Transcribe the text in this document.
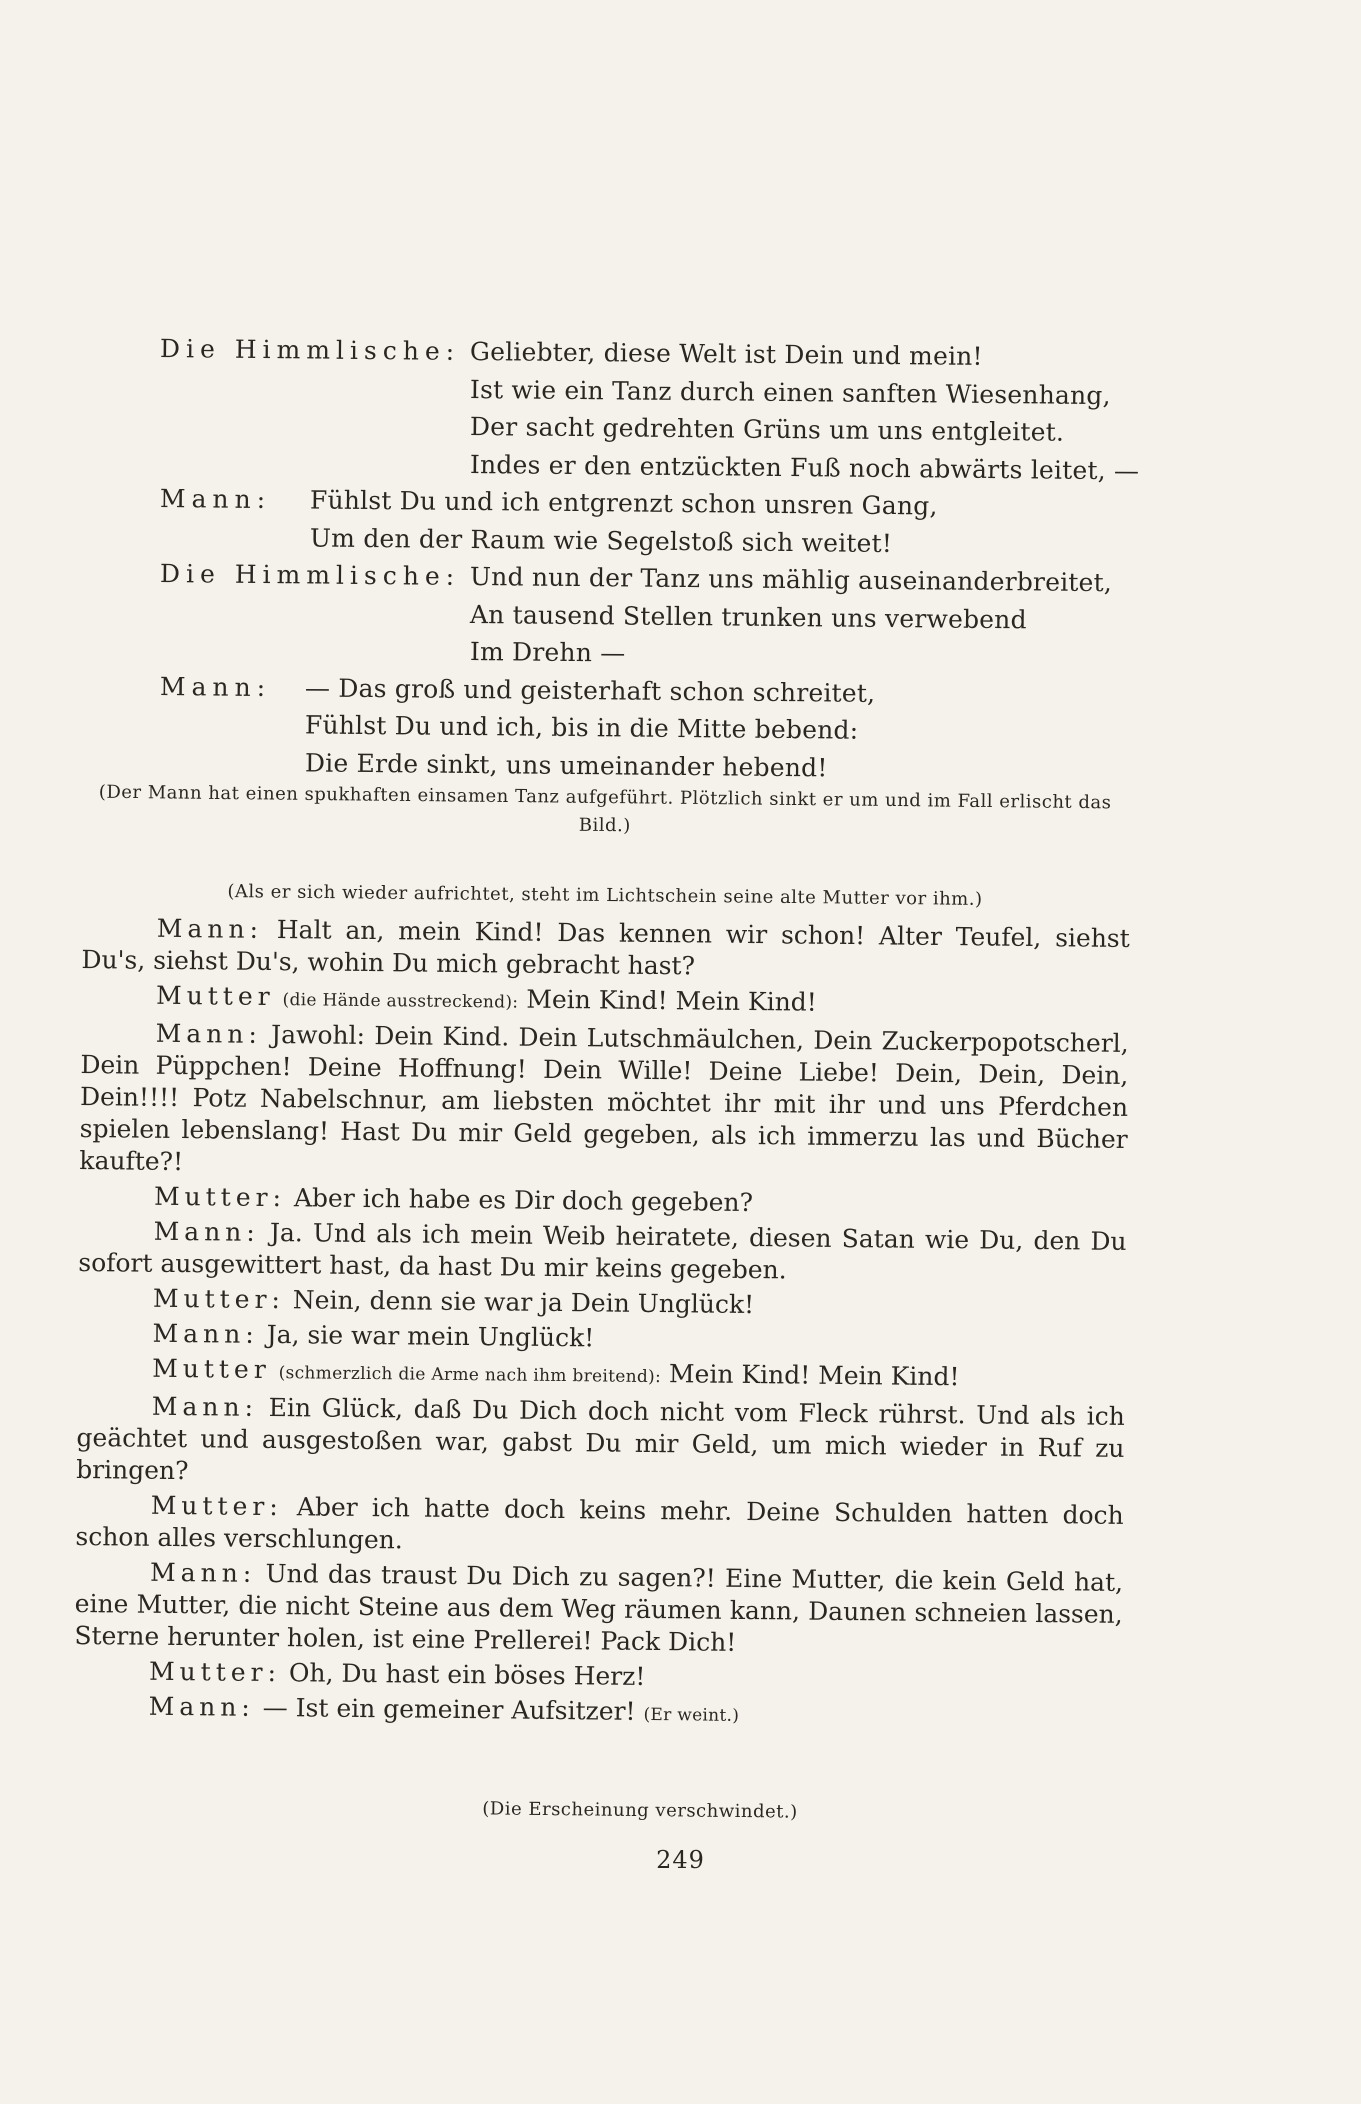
Die Himmlische: Geliebter, diese Welt ist Dein und mein!
Ist wie ein Tanz durch einen sanften Wiesenhang,
Der sacht gedrehten Grüns um uns entgleitet.
Indes er den entzückten Fuß noch abwärts leitet, —
Mann: Fühlst Du und ich entgrenzt schon unsren Gang,
Um den der Raum wie Segelstoß sich weitet!
Die Himmlische: Und nun der Tanz uns mählig auseinanderbreitet,
An tausend Stellen trunken uns verwebend
Im Drehn —
Mann: — Das groß und geisterhaft schon schreitet,
Fühlst Du und ich, bis in die Mitte bebend:
Die Erde sinkt, uns umeinander hebend!
(Der Mann hat einen spukhaften einsamen Tanz aufgeführt. Plötzlich sinkt er um und im Fall erlischt das Bild.)
(Als er sich wieder aufrichtet, steht im Lichtschein seine alte Mutter vor ihm.)

Mann: Halt an, mein Kind! Das kennen wir schon! Alter Teufel, siehst Du's, siehst Du's, wohin Du mich gebracht hast?

Mutter (die Hände ausstreckend): Mein Kind! Mein Kind!

Mann: Jawohl: Dein Kind. Dein Lutschmäulchen, Dein Zuckerpopotscherl, Dein Püppchen! Deine Hoffnung! Dein Wille! Deine Liebe! Dein, Dein, Dein, Dein!!!! Potz Nabelschnur, am liebsten möchtet ihr mit ihr und uns Pferdchen spielen lebenslang! Hast Du mir Geld gegeben, als ich immerzu las und Bücher kaufte?!

Mutter: Aber ich habe es Dir doch gegeben?

Mann: Ja. Und als ich mein Weib heiratete, diesen Satan wie Du, den Du sofort ausgewittert hast, da hast Du mir keins gegeben.

Mutter: Nein, denn sie war ja Dein Unglück!

Mann: Ja, sie war mein Unglück!

Mutter (schmerzlich die Arme nach ihm breitend): Mein Kind! Mein Kind!

Mann: Ein Glück, daß Du Dich doch nicht vom Fleck rührst. Und als ich geächtet und ausgestoßen war, gabst Du mir Geld, um mich wieder in Ruf zu bringen?

Mutter: Aber ich hatte doch keins mehr. Deine Schulden hatten doch schon alles verschlungen.

Mann: Und das traust Du Dich zu sagen?! Eine Mutter, die kein Geld hat, eine Mutter, die nicht Steine aus dem Weg räumen kann, Daunen schneien lassen, Sterne herunter holen, ist eine Prellerei! Pack Dich!

Mutter: Oh, Du hast ein böses Herz!

Mann: — Ist ein gemeiner Aufsitzer! (Er weint.)

(Die Erscheinung verschwindet.)
249
